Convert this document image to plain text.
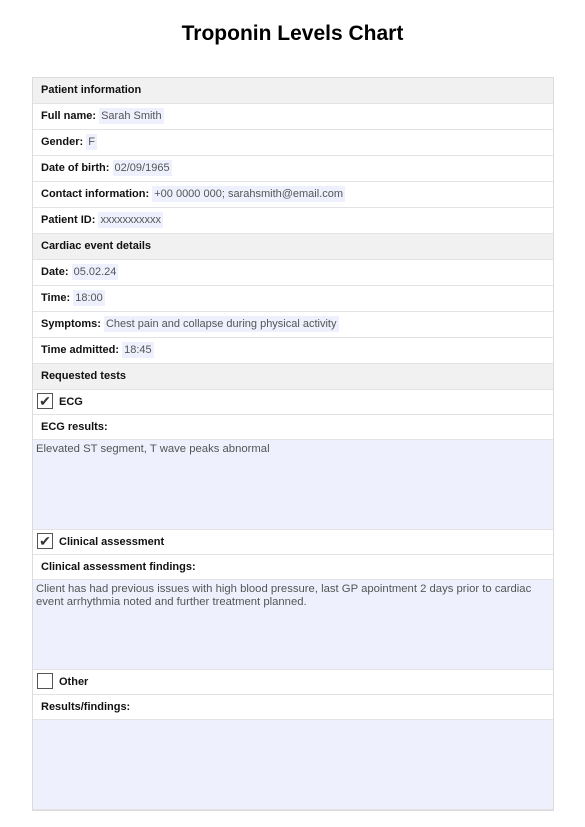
Troponin Levels Chart
Patient information
Full name: Sarah Smith
Gender: F
Date of birth: 02/09/1965
Contact information: +00 0000 000; sarahsmith@email.com
Patient ID: xxxxxxxxxxx
Cardiac event details
Date: 05.02.24
Time: 18:00
Symptoms: Chest pain and collapse during physical activity
Time admitted: 18:45
Requested tests
✔ ECG
ECG results:
Elevated ST segment, T wave peaks abnormal
✔ Clinical assessment
Clinical assessment findings:
Client has had previous issues with high blood pressure, last GP apointment 2 days prior to cardiac event arrhythmia noted and further treatment planned.
Other
Results/findings:
